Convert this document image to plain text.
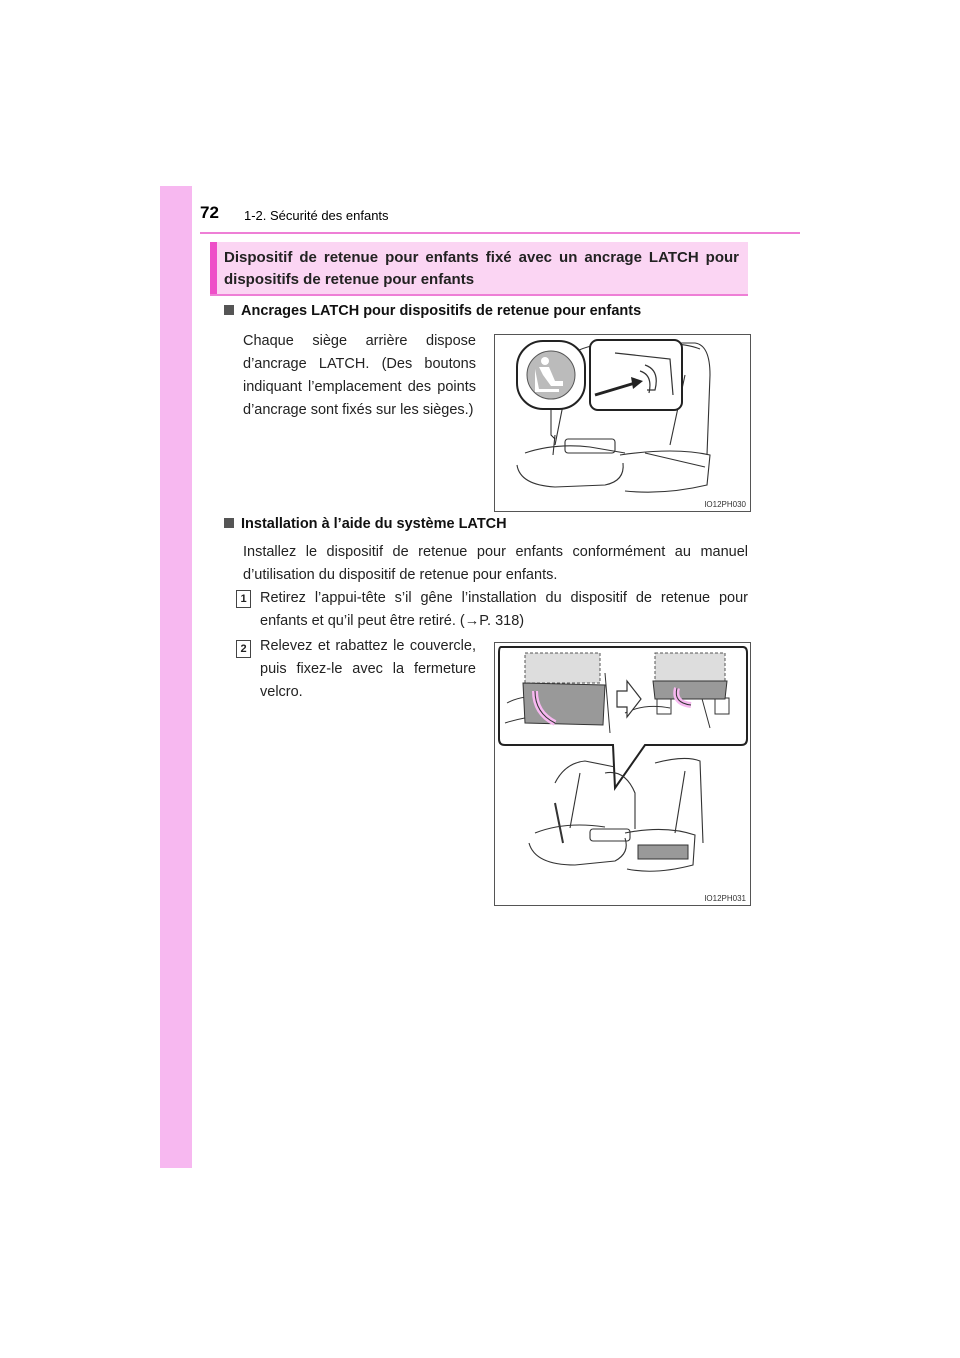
72 1-2. Sécurité des enfants
Dispositif de retenue pour enfants fixé avec un ancrage LATCH pour dispositifs de retenue pour enfants
Ancrages LATCH pour dispositifs de retenue pour enfants
Chaque siège arrière dispose d’ancrage LATCH. (Des boutons indiquant l’emplacement des points d’ancrage sont fixés sur les sièges.)
IO12PH030
Installation à l’aide du système LATCH
Installez le dispositif de retenue pour enfants conformément au manuel d’utilisation du dispositif de retenue pour enfants.
1 Retirez l’appui-tête s’il gêne l’installation du dispositif de retenue pour enfants et qu’il peut être retiré. (→P. 318)
2 Relevez et rabattez le couvercle, puis fixez-le avec la fermeture velcro.
IO12PH031
